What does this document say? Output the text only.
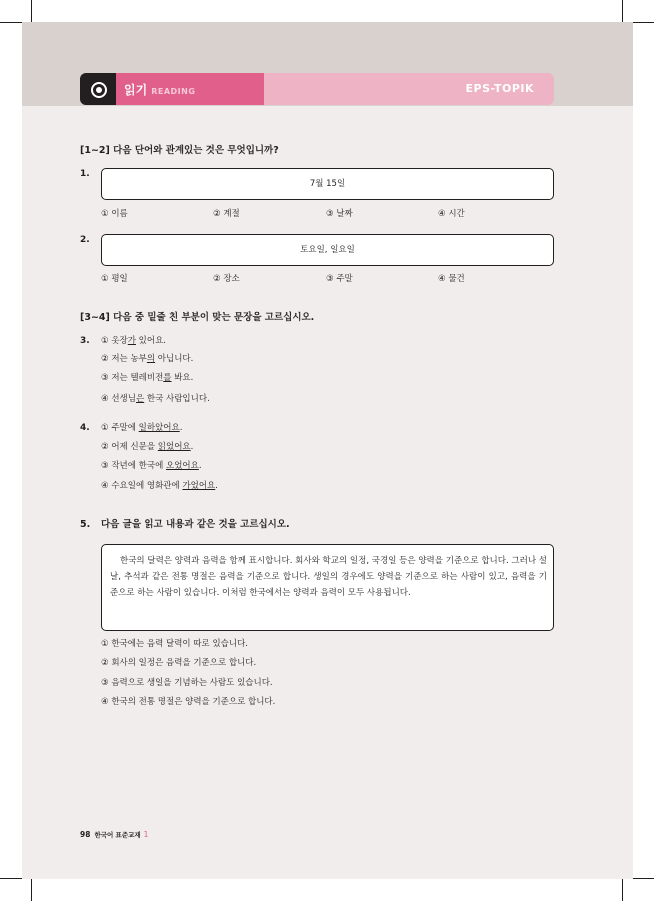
읽기 READING	EPS-TOPIK
[1~2] 다음 단어와 관계있는 것은 무엇입니까?
1.
7월 15일
① 이름	② 계절	③ 날짜	④ 시간
2.
토요일, 일요일
① 평일	② 장소	③ 주말	④ 물건
[3~4] 다음 중 밑줄 친 부분이 맞는 문장을 고르십시오.
3. ① 옷장가 있어요.
② 저는 농부의 아닙니다.
③ 저는 텔레비전를 봐요.
④ 선생님은 한국 사람입니다.
4. ① 주말에 일하았어요.
② 어제 신문을 읽었어요.
③ 작년에 한국에 오었어요.
④ 수요일에 영화관에 가었어요.
5. 다음 글을 읽고 내용과 같은 것을 고르십시오.
한국의 달력은 양력과 음력을 함께 표시합니다. 회사와 학교의 일정, 국경일 등은 양력을 기준으로 합니다. 그러나 설날, 추석과 같은 전통 명절은 음력을 기준으로 합니다. 생일의 경우에도 양력을 기준으로 하는 사람이 있고, 음력을 기준으로 하는 사람이 있습니다. 이처럼 한국에서는 양력과 음력이 모두 사용됩니다.
① 한국에는 음력 달력이 따로 있습니다.
② 회사의 일정은 음력을 기준으로 합니다.
③ 음력으로 생일을 기념하는 사람도 있습니다.
④ 한국의 전통 명절은 양력을 기준으로 합니다.
98 한국어 표준교재 1
